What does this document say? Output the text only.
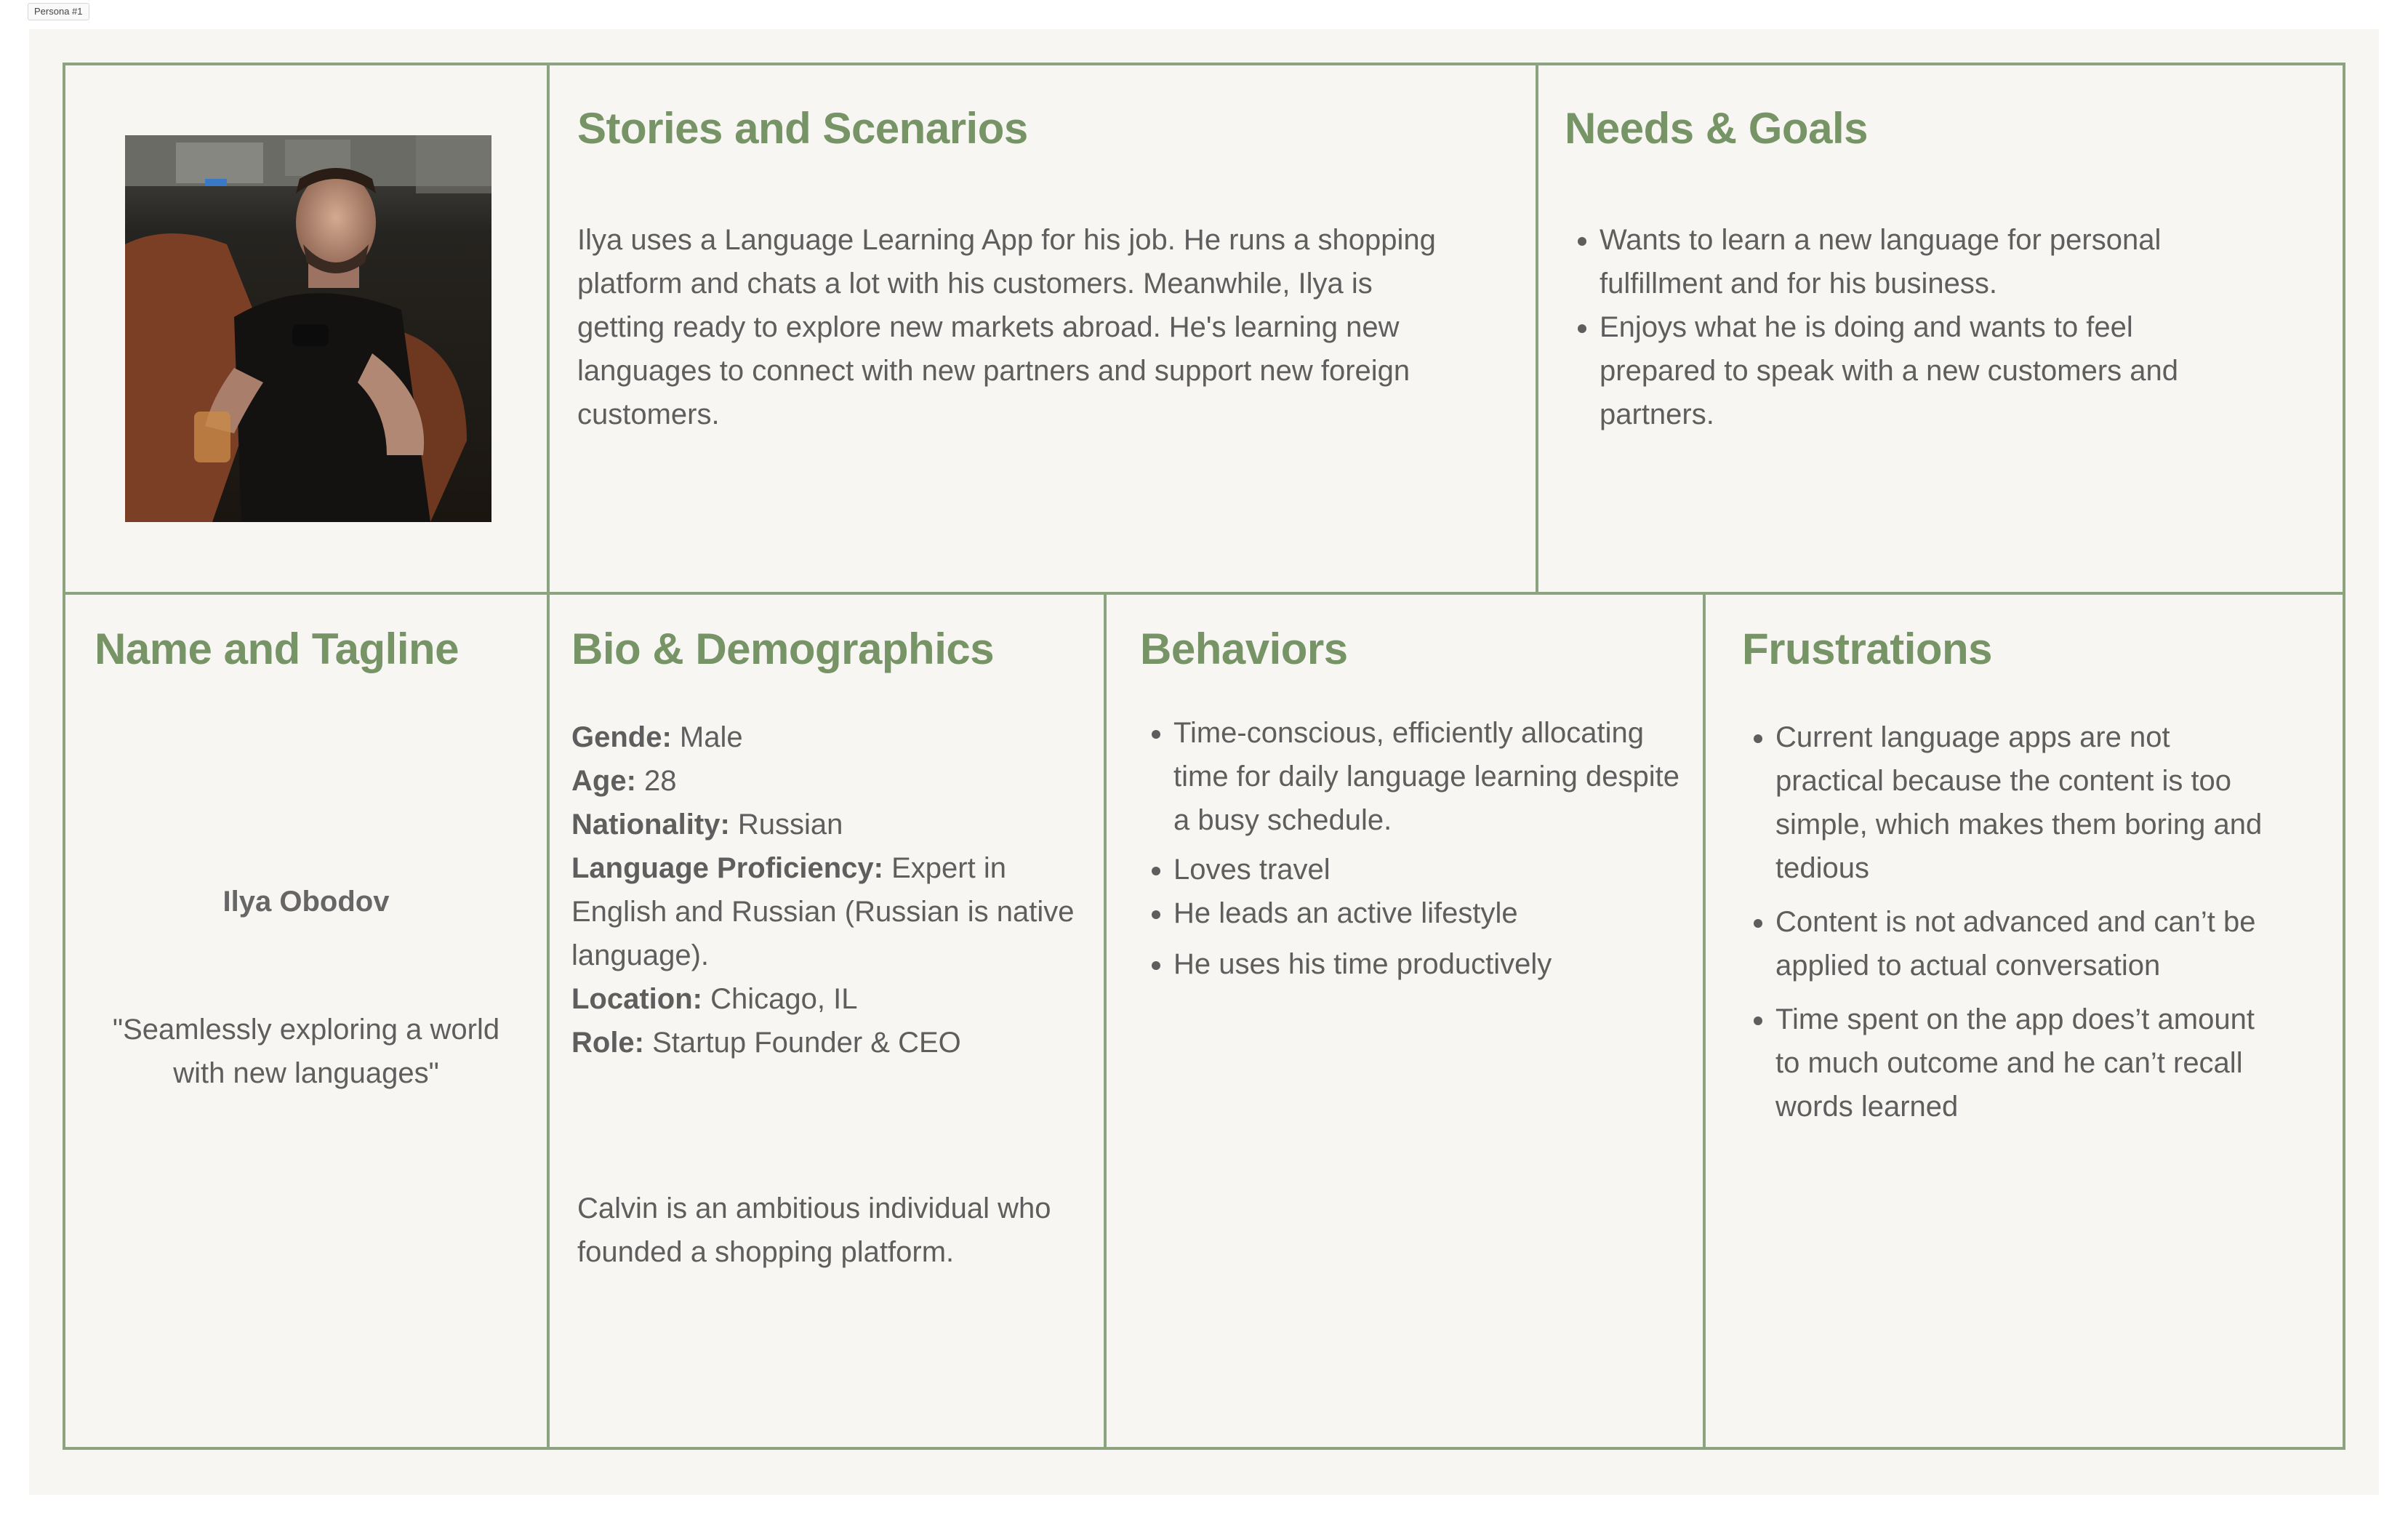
Persona #1
Stories and Scenarios
Ilya uses a Language Learning App for his job. He runs a shopping platform and chats a lot with his customers. Meanwhile, Ilya is getting ready to explore new markets abroad. He's learning new languages to connect with new partners and support new foreign customers.
Needs & Goals
• Wants to learn a new language for personal fulfillment and for his business.
• Enjoys what he is doing and wants to feel prepared to speak with a new customers and partners.
Name and Tagline
Ilya Obodov
"Seamlessly exploring a world with new languages"
Bio & Demographics
Gende: Male
Age: 28
Nationality: Russian
Language Proficiency: Expert in English and Russian (Russian is native language).
Location: Chicago, IL
Role: Startup Founder & CEO
Calvin is an ambitious individual who founded a shopping platform.
Behaviors
• Time-conscious, efficiently allocating time for daily language learning despite a busy schedule.
• Loves travel
• He leads an active lifestyle
• He uses his time productively
Frustrations
• Current language apps are not practical because the content is too simple, which makes them boring and tedious
• Content is not advanced and can’t be applied to actual conversation
• Time spent on the app does’t amount to much outcome and he can’t recall words learned
